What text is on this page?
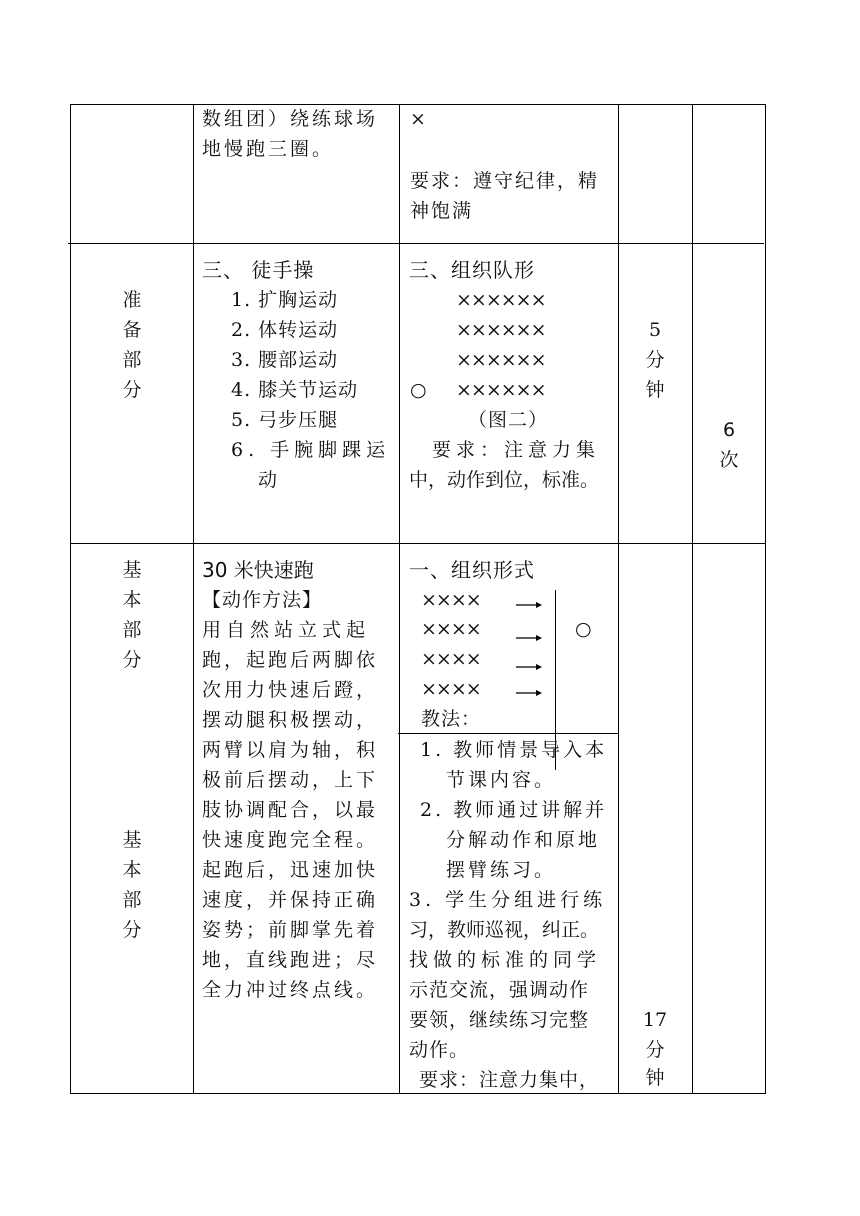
数组团）绕练球场
地慢跑三圈。
×
要求：遵守纪律，精
神饱满
准
备
部
分
三、 徒手操
1. 扩胸运动
2. 体转运动
3. 腰部运动
4. 膝关节运动
5. 弓步压腿
6. 手腕脚踝运
动
三、组织队形
××××××
××××××
××××××
○ ××××××
（图二）
要求：注意力集
中，动作到位，标准。
5
分
钟
6
次
基
本
部
分
基
本
部
分
30 米快速跑
【动作方法】
用自然站立式起
跑，起跑后两脚依
次用力快速后蹬，
摆动腿积极摆动，
两臂以肩为轴，积
极前后摆动，上下
肢协调配合，以最
快速度跑完全程。
起跑后，迅速加快
速度，并保持正确
姿势；前脚掌先着
地，直线跑进；尽
全力冲过终点线。
一、组织形式
××××
××××
××××
××××
○
教法：
1. 教师情景导入本
节课内容。
2. 教师通过讲解并
分解动作和原地
摆臂练习。
3. 学生分组进行练
习，教师巡视，纠正。
找做的标准的同学
示范交流，强调动作
要领，继续练习完整
动作。
要求：注意力集中，
17
分
钟
